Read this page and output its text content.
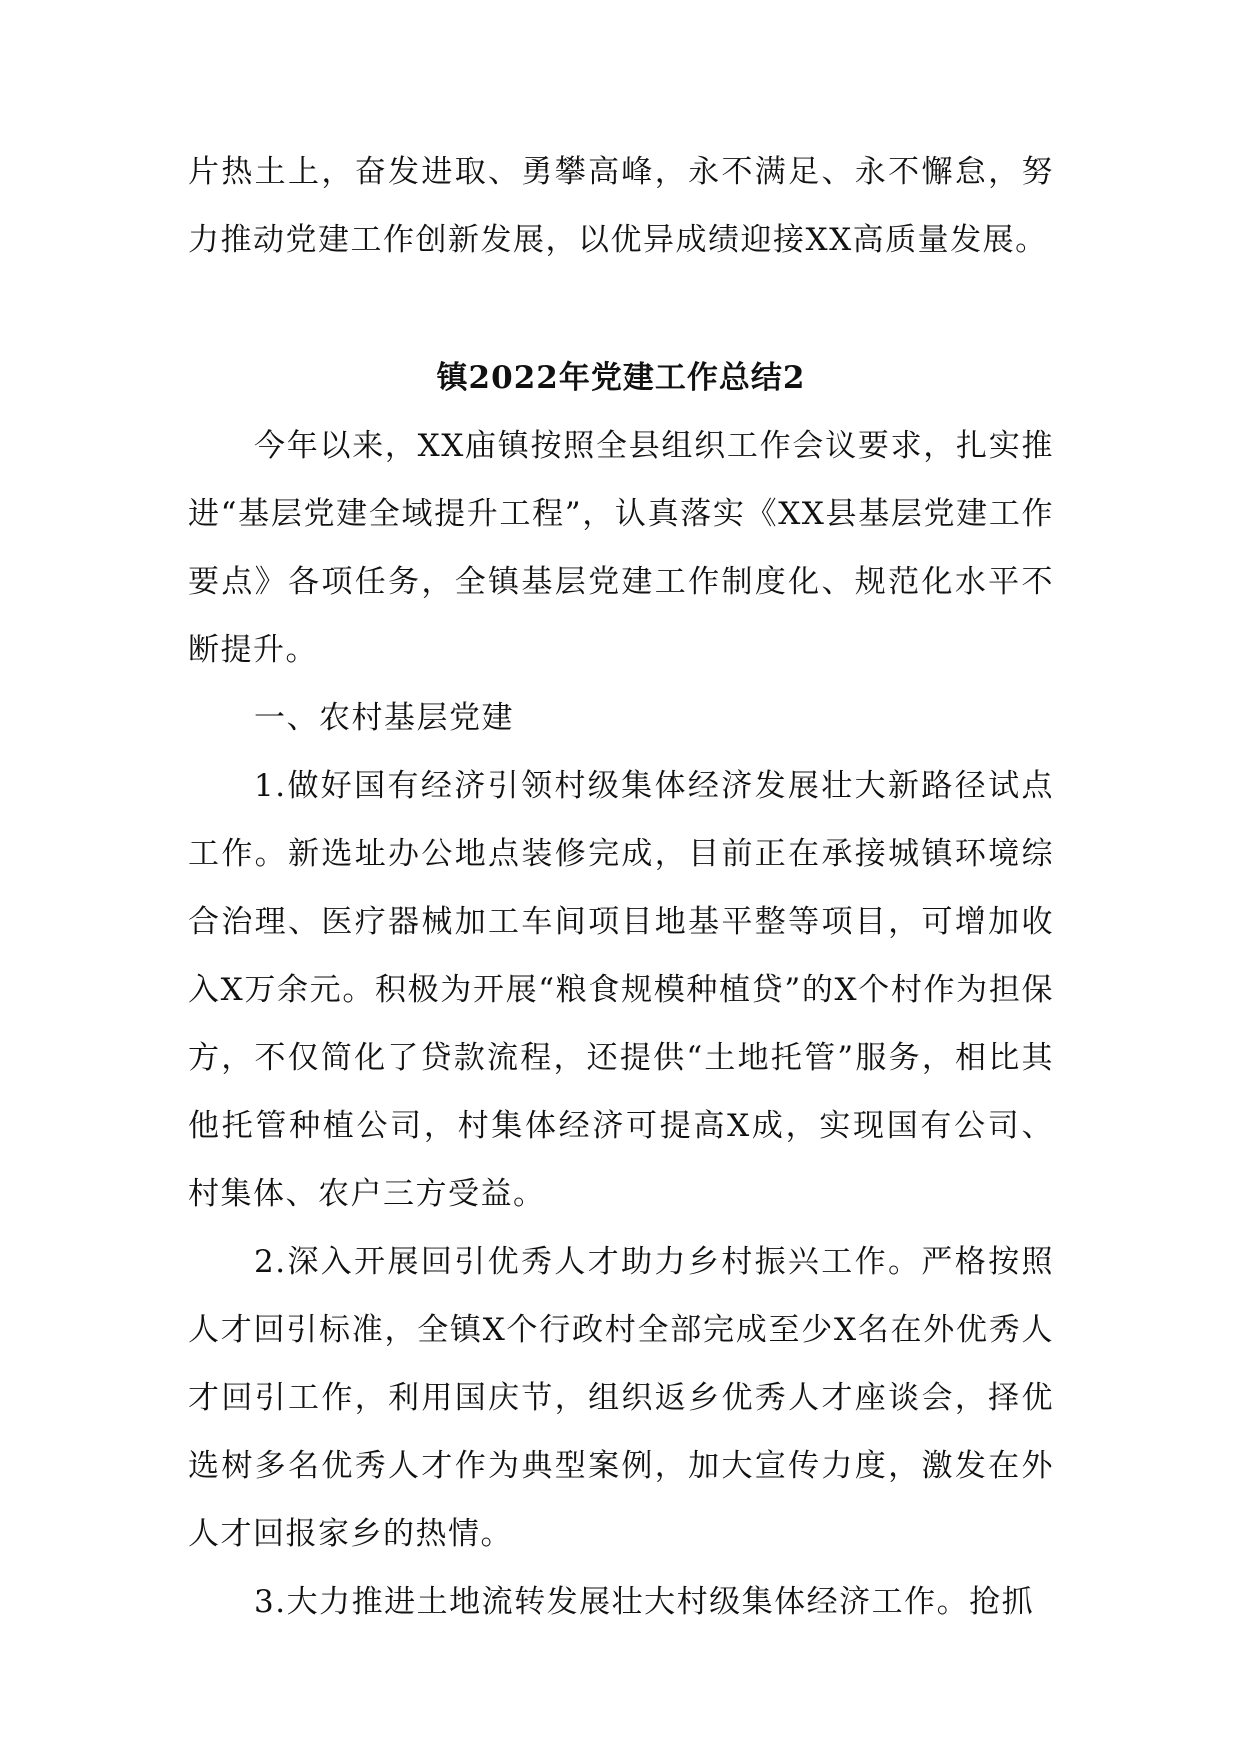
片热土上，奋发进取、勇攀高峰，永不满足、永不懈怠，努力推动党建工作创新发展，以优异成绩迎接XX高质量发展。

镇2022年党建工作总结2

今年以来，XX庙镇按照全县组织工作会议要求，扎实推进“基层党建全域提升工程”，认真落实《XX县基层党建工作要点》各项任务，全镇基层党建工作制度化、规范化水平不断提升。

一、农村基层党建

1.做好国有经济引领村级集体经济发展壮大新路径试点工作。新选址办公地点装修完成，目前正在承接城镇环境综合治理、医疗器械加工车间项目地基平整等项目，可增加收入X万余元。积极为开展“粮食规模种植贷”的X个村作为担保方，不仅简化了贷款流程，还提供“土地托管”服务，相比其他托管种植公司，村集体经济可提高X成，实现国有公司、村集体、农户三方受益。

2.深入开展回引优秀人才助力乡村振兴工作。严格按照人才回引标准，全镇X个行政村全部完成至少X名在外优秀人才回引工作，利用国庆节，组织返乡优秀人才座谈会，择优选树多名优秀人才作为典型案例，加大宣传力度，激发在外人才回报家乡的热情。

3.大力推进土地流转发展壮大村级集体经济工作。抢抓
